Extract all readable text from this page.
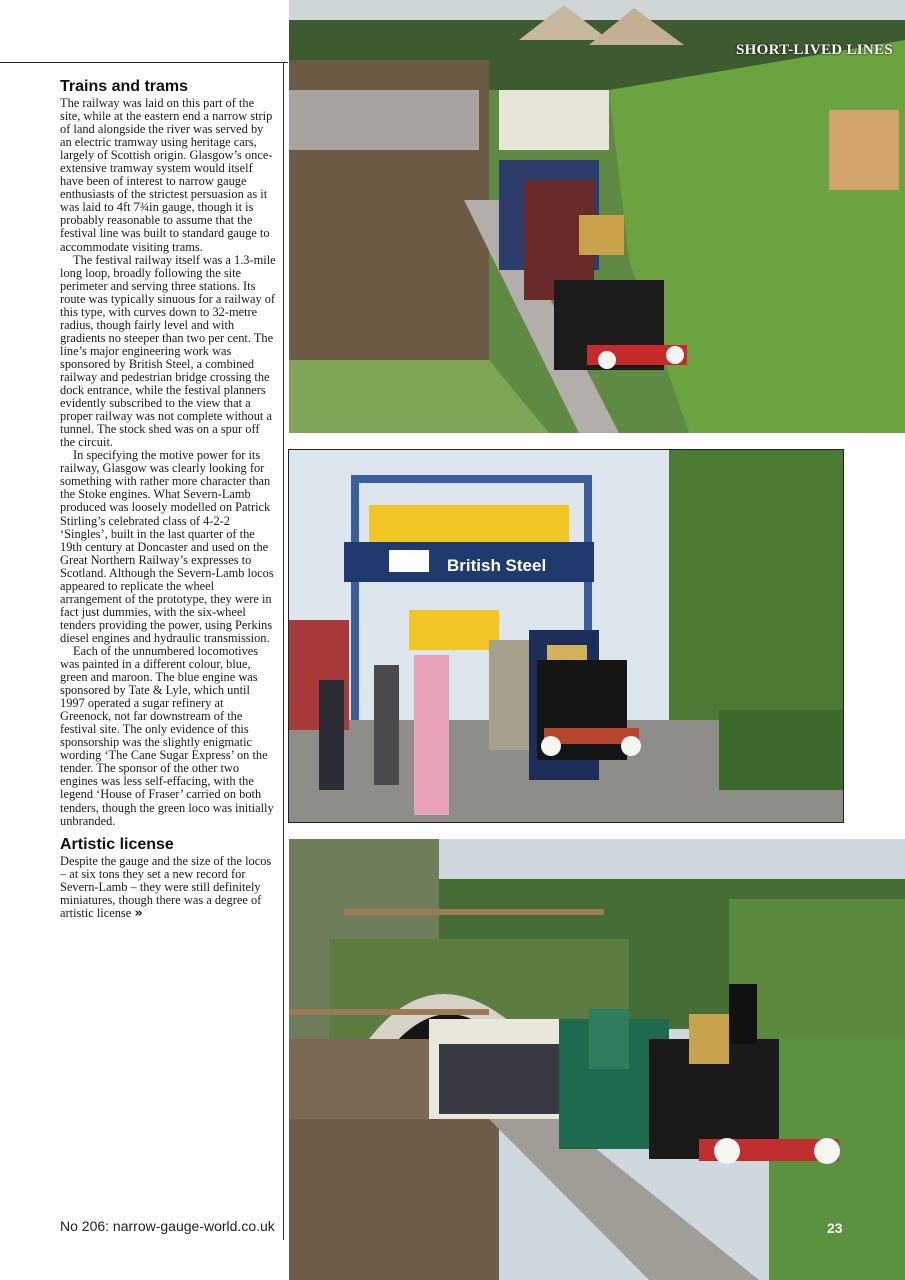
Trains and trams

The railway was laid on this part of the site, while at the eastern end a narrow strip of land alongside the river was served by an electric tramway using heritage cars, largely of Scottish origin. Glasgow’s once-extensive tramway system would itself have been of interest to narrow gauge enthusiasts of the strictest persuasion as it was laid to 4ft 7¾in gauge, though it is probably reasonable to assume that the festival line was built to standard gauge to accommodate visiting trams.

The festival railway itself was a 1.3-mile long loop, broadly following the site perimeter and serving three stations. Its route was typically sinuous for a railway of this type, with curves down to 32-metre radius, though fairly level and with gradients no steeper than two per cent. The line’s major engineering work was sponsored by British Steel, a combined railway and pedestrian bridge crossing the dock entrance, while the festival planners evidently subscribed to the view that a proper railway was not complete without a tunnel. The stock shed was on a spur off the circuit.

In specifying the motive power for its railway, Glasgow was clearly looking for something with rather more character than the Stoke engines. What Severn-Lamb produced was loosely modelled on Patrick Stirling’s celebrated class of 4-2-2 ‘Singles’, built in the last quarter of the 19th century at Doncaster and used on the Great Northern Railway’s expresses to Scotland. Although the Severn-Lamb locos appeared to replicate the wheel arrangement of the prototype, they were in fact just dummies, with the six-wheel tenders providing the power, using Perkins diesel engines and hydraulic transmission.

Each of the unnumbered locomotives was painted in a different colour, blue, green and maroon. The blue engine was sponsored by Tate & Lyle, which until 1997 operated a sugar refinery at Greenock, not far downstream of the festival site. The only evidence of this sponsorship was the slightly enigmatic wording ‘The Cane Sugar Express’ on the tender. The sponsor of the other two engines was less self-effacing, with the legend ‘House of Fraser’ carried on both tenders, though the green loco was initially unbranded.

Artistic license

Despite the gauge and the size of the locos – at six tons they set a new record for Severn-Lamb – they were still definitely miniatures, though there was a degree of artistic license »

No 206: narrow-gauge-world.co.uk
SHORT-LIVED LINES
British Steel
23
